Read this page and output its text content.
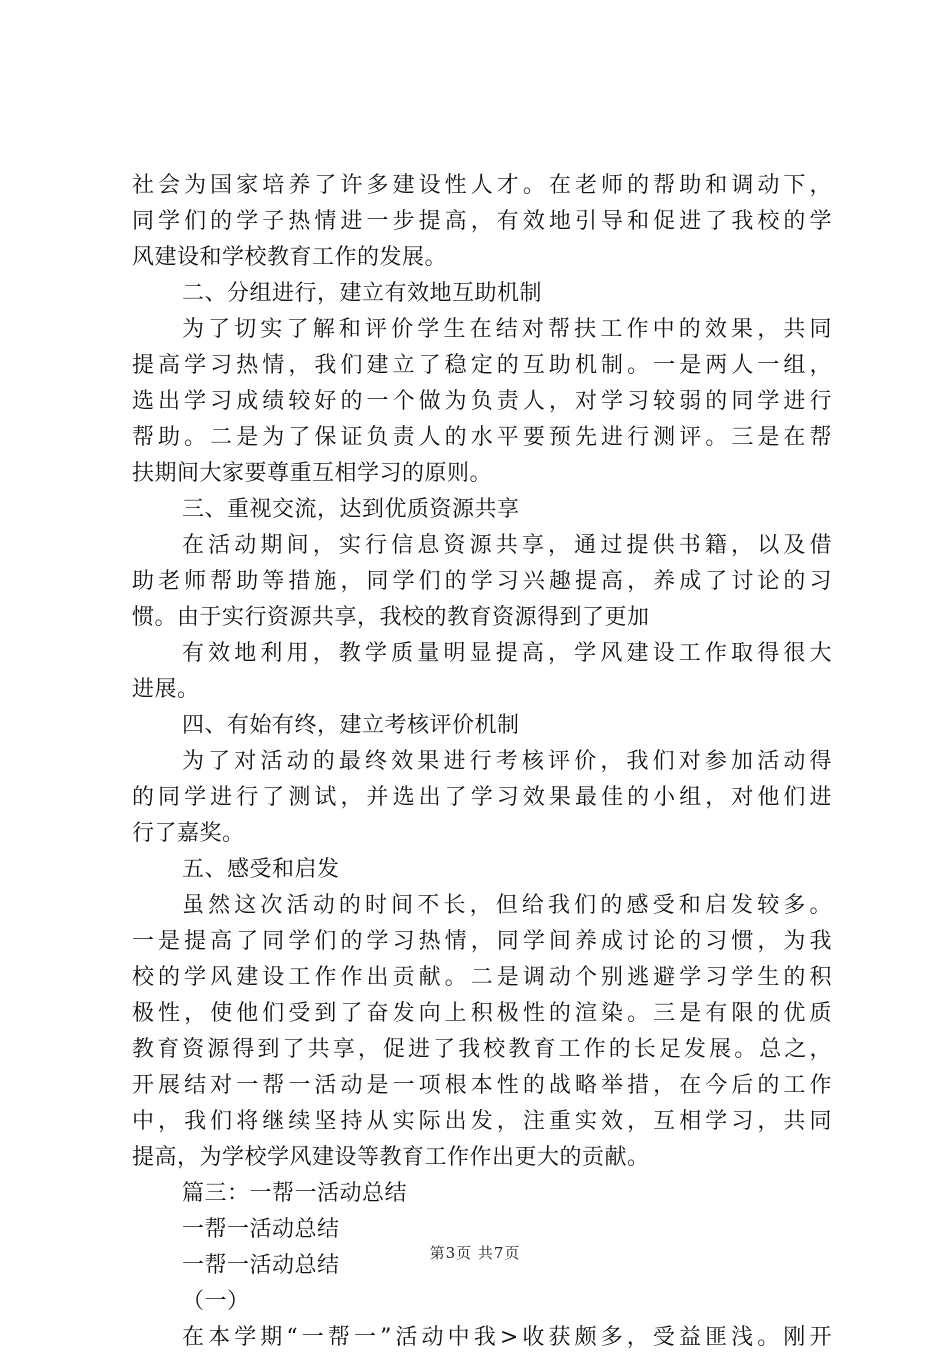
社会为国家培养了许多建设性人才。在老师的帮助和调动下，
同学们的学子热情进一步提高，有效地引导和促进了我校的学
风建设和学校教育工作的发展。
二、分组进行，建立有效地互助机制
为了切实了解和评价学生在结对帮扶工作中的效果，共同
提高学习热情，我们建立了稳定的互助机制。一是两人一组，
选出学习成绩较好的一个做为负责人，对学习较弱的同学进行
帮助。二是为了保证负责人的水平要预先进行测评。三是在帮
扶期间大家要尊重互相学习的原则。
三、重视交流，达到优质资源共享
在活动期间，实行信息资源共享，通过提供书籍，以及借
助老师帮助等措施，同学们的学习兴趣提高，养成了讨论的习
惯。由于实行资源共享，我校的教育资源得到了更加
有效地利用，教学质量明显提高，学风建设工作取得很大
进展。
四、有始有终，建立考核评价机制
为了对活动的最终效果进行考核评价，我们对参加活动得
的同学进行了测试，并选出了学习效果最佳的小组，对他们进
行了嘉奖。
五、感受和启发
虽然这次活动的时间不长，但给我们的感受和启发较多。
一是提高了同学们的学习热情，同学间养成讨论的习惯，为我
校的学风建设工作作出贡献。二是调动个别逃避学习学生的积
极性，使他们受到了奋发向上积极性的渲染。三是有限的优质
教育资源得到了共享，促进了我校教育工作的长足发展。总之，
开展结对一帮一活动是一项根本性的战略举措，在今后的工作
中，我们将继续坚持从实际出发，注重实效，互相学习，共同
提高，为学校学风建设等教育工作作出更大的贡献。
篇三：一帮一活动总结
一帮一活动总结
一帮一活动总结
（一）
在本学期“一帮一”活动中我>收获颇多，受益匪浅。刚开
第3页 共7页
